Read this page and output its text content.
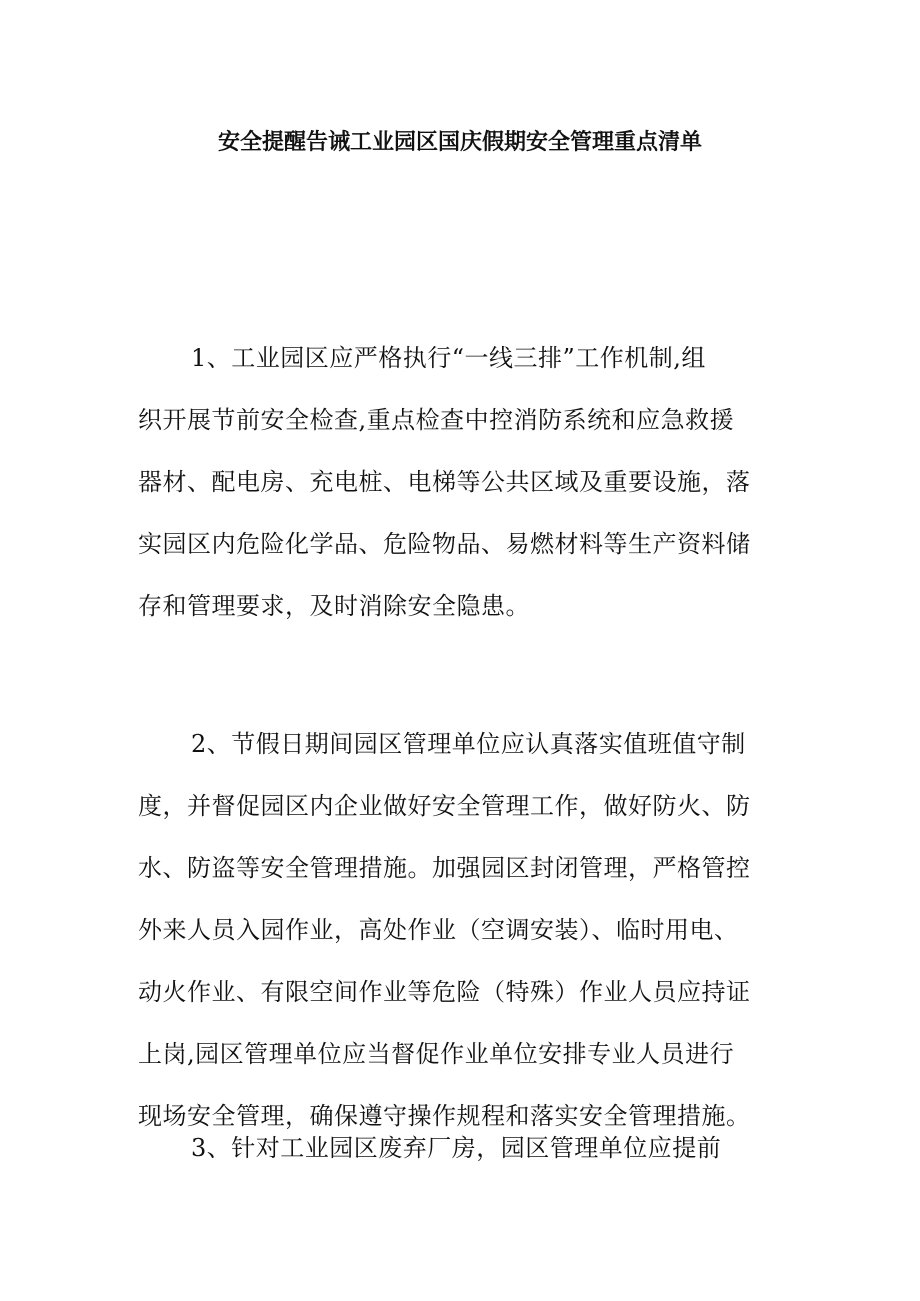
安全提醒告诫工业园区国庆假期安全管理重点清单
1、工业园区应严格执行“一线三排”工作机制,组
织开展节前安全检查,重点检查中控消防系统和应急救援
器材、配电房、充电桩、电梯等公共区域及重要设施，落
实园区内危险化学品、危险物品、易燃材料等生产资料储
存和管理要求，及时消除安全隐患。
2、节假日期间园区管理单位应认真落实值班值守制
度，并督促园区内企业做好安全管理工作，做好防火、防
水、防盗等安全管理措施。加强园区封闭管理，严格管控
外来人员入园作业，高处作业（空调安装）、临时用电、
动火作业、有限空间作业等危险（特殊）作业人员应持证
上岗,园区管理单位应当督促作业单位安排专业人员进行
现场安全管理，确保遵守操作规程和落实安全管理措施。
3、针对工业园区废弃厂房，园区管理单位应提前
